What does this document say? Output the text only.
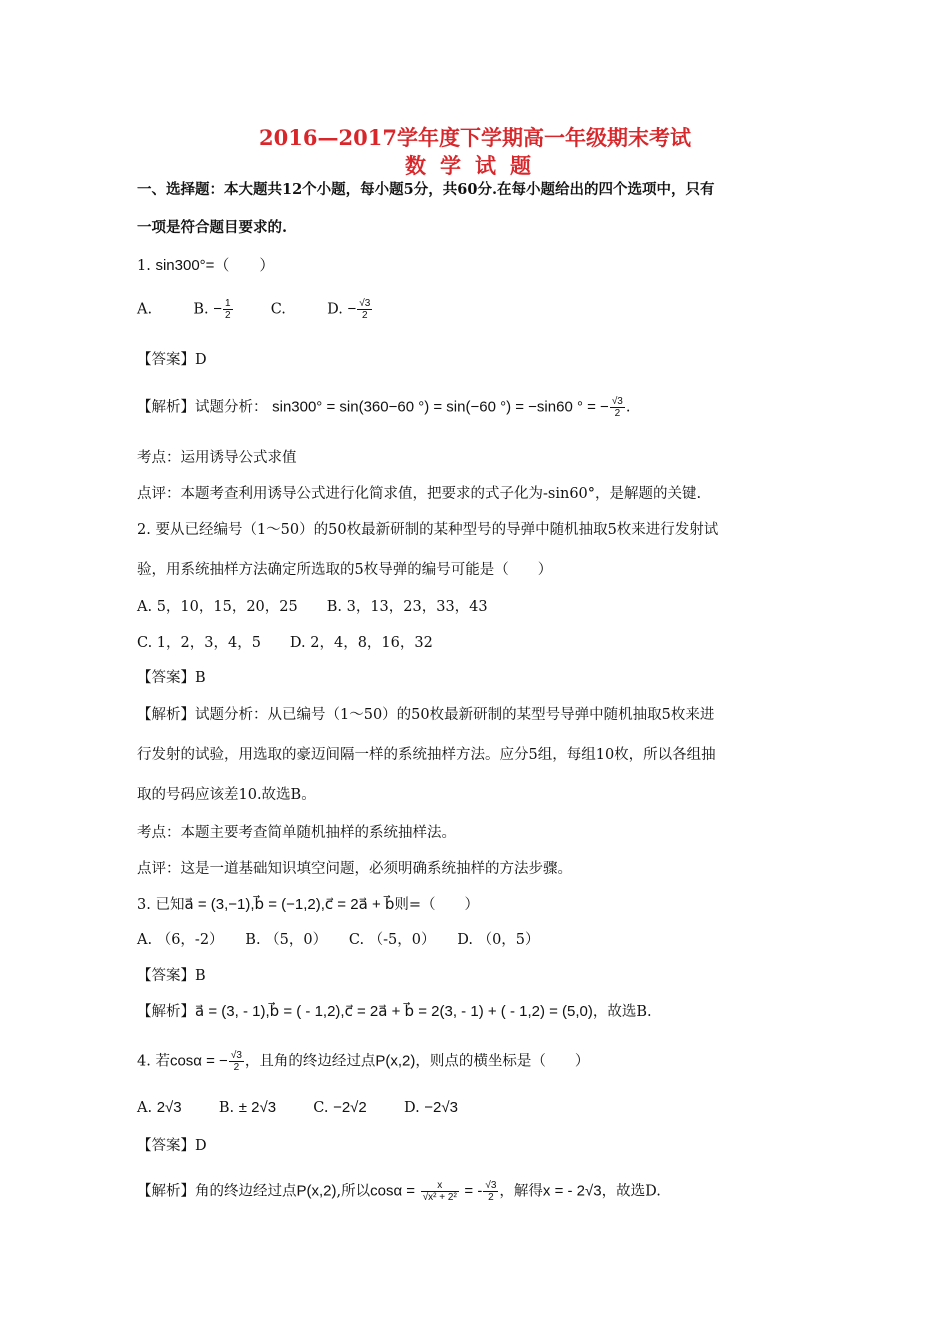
2016—2017学年度下学期高一年级期末考试
数学试题
一、选择题：本大题共12个小题，每小题5分，共60分.在每小题给出的四个选项中，只有
一项是符合题目要求的.
1. sin300°=（　　）
A.	B. − $\frac{1}{2}$	C.	D. − $\frac{√3}{2}$
【答案】D
【解析】试题分析： sin300° = sin(360−60 °) = sin(−60 °) = −sin60 ° = − $\frac{√3}{2}$ .
考点：运用诱导公式求值
点评：本题考查利用诱导公式进行化简求值，把要求的式子化为-sin60°，是解题的关键.
2. 要从已经编号（1～50）的50枚最新研制的某种型号的导弹中随机抽取5枚来进行发射试
验，用系统抽样方法确定所选取的5枚导弹的编号可能是（　　）
A. 5，10，15，20，25　　B. 3，13，23，33，43
C. 1，2，3，4，5　　D. 2，4，8，16，32
【答案】B
【解析】试题分析：从已编号（1～50）的50枚最新研制的某型号导弹中随机抽取5枚来进
行发射的试验，用选取的豪迈间隔一样的系统抽样方法。应分5组，每组10枚，所以各组抽
取的号码应该差10.故选B。
考点：本题主要考查简单随机抽样的系统抽样法。
点评：这是一道基础知识填空问题，必须明确系统抽样的方法步骤。
3. 已知a⃗ = (3,−1),b⃗ = (−1,2),c⃗ = 2a⃗ + b⃗则=（　　）
A. （6，-2）　　B. （5，0）　　C. （-5，0）　　D. （0，5）
【答案】B
【解析】a⃗ = (3, - 1),b⃗ = ( - 1,2),c⃗ = 2a⃗ + b⃗ = 2(3, - 1) + ( - 1,2) = (5,0)，故选B.
4. 若cosα = − $\frac{√3}{2}$ ，且角的终边经过点P(x,2)，则点的横坐标是（　　）
A. 2√3	B. ± 2√3	C. −2√2	D. −2√3
【答案】D
【解析】角的终边经过点P(x,2),所以$\cos\alpha = \frac{x}{\text{√x² + 2²}}$ = - $\frac{√3}{2}$ ，解得x = - 2√3，故选D.
